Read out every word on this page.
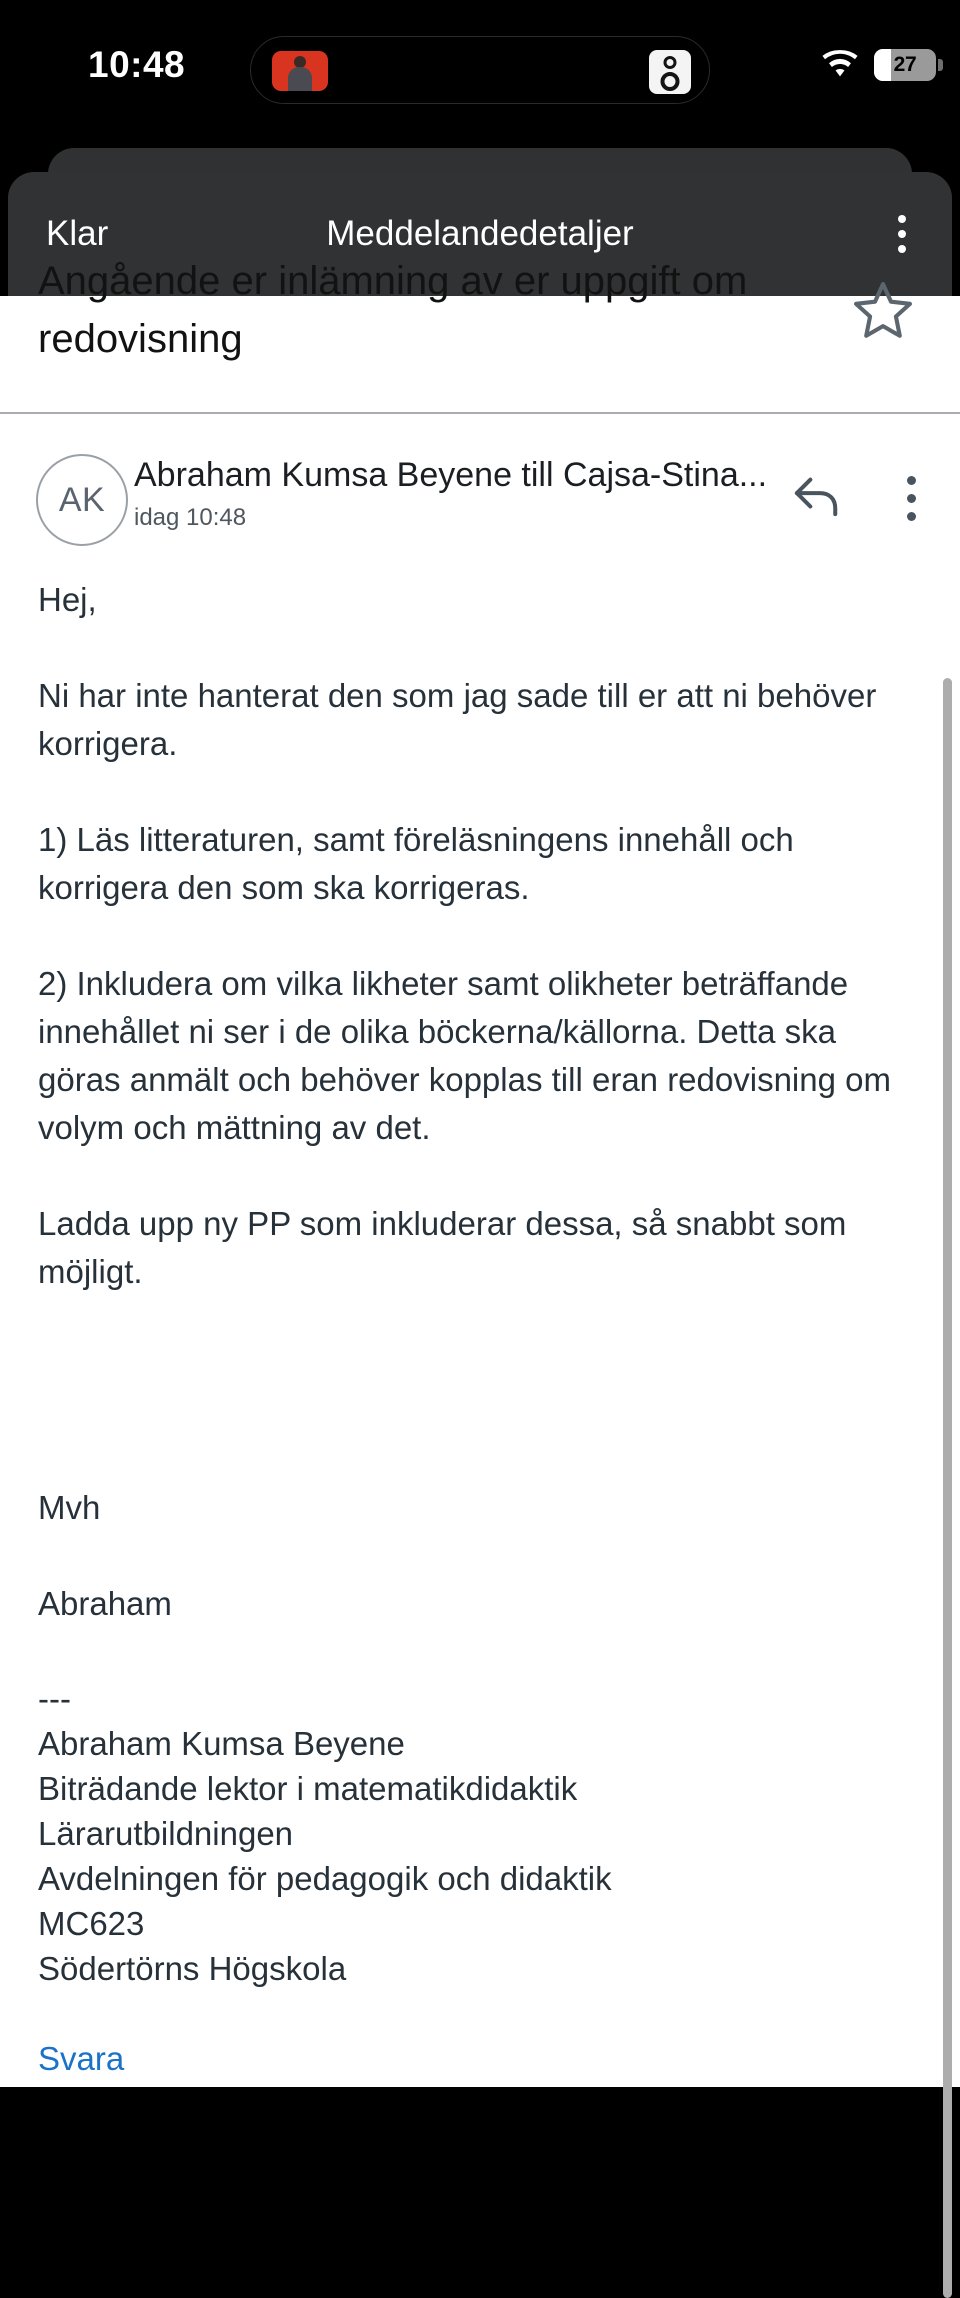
10:48	27
Klar	Meddelandedetaljer
Angående er inlämning av er uppgift om
redovisning
AK
Abraham Kumsa Beyene till Cajsa-Stina...
idag 10:48

Hej,

Ni har inte hanterat den som jag sade till er att ni behöver korrigera.

1) Läs litteraturen, samt föreläsningens innehåll och korrigera den som ska korrigeras.

2) Inkludera om vilka likheter samt olikheter beträffande innehållet ni ser i de olika böckerna/källorna. Detta ska göras anmält och behöver kopplas till eran redovisning om volym och mättning av det.

Ladda upp ny PP som inkluderar dessa, så snabbt som möjligt.

Mvh

Abraham

---
Abraham Kumsa Beyene
Biträdande lektor i matematikdidaktik
Lärarutbildningen
Avdelningen för pedagogik och didaktik
MC623
Södertörns Högskola
Svara
